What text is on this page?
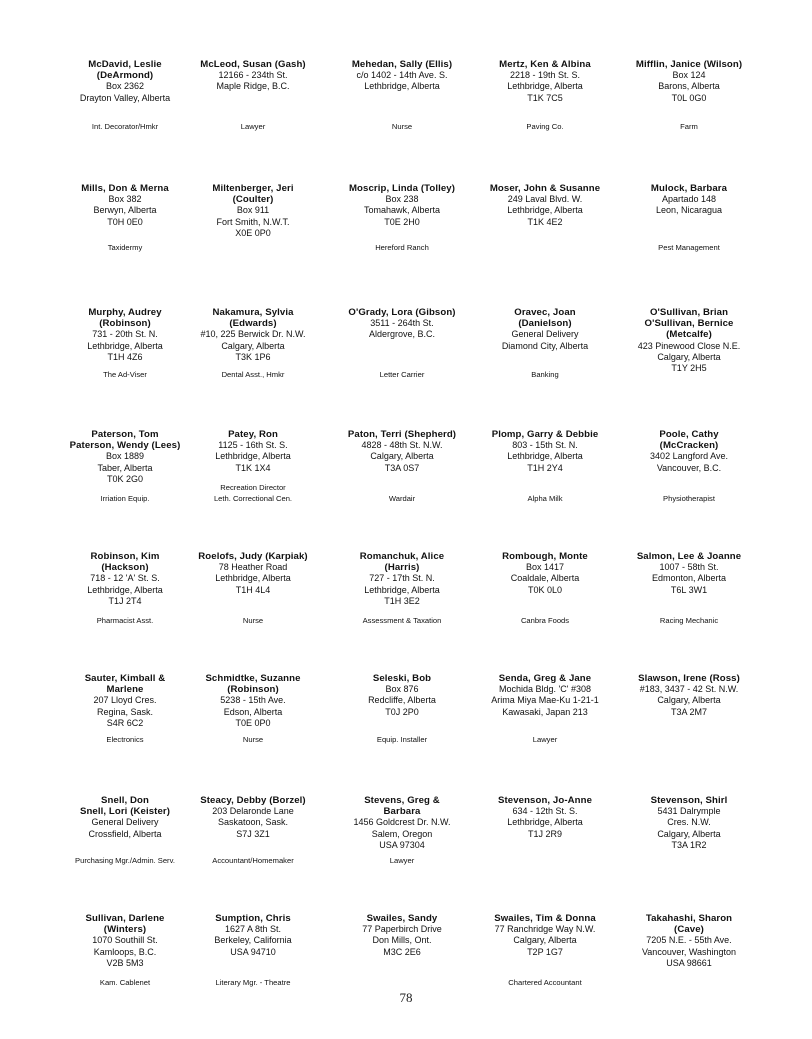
McDavid, Leslie
(DeArmond)
Box 2362
Drayton Valley, Alberta
Int. Decorator/Hmkr
McLeod, Susan (Gash)
12166 - 234th St.
Maple Ridge, B.C.
Lawyer
Mehedan, Sally (Ellis)
c/o 1402 - 14th Ave. S.
Lethbridge, Alberta
Nurse
Mertz, Ken & Albina
2218 - 19th St. S.
Lethbridge, Alberta
T1K 7C5
Paving Co.
Mifflin, Janice (Wilson)
Box 124
Barons, Alberta
T0L 0G0
Farm
Mills, Don & Merna
Box 382
Berwyn, Alberta
T0H 0E0
Taxidermy
Miltenberger, Jeri
(Coulter)
Box 911
Fort Smith, N.W.T.
X0E 0P0
Moscrip, Linda (Tolley)
Box 238
Tomahawk, Alberta
T0E 2H0
Hereford Ranch
Moser, John & Susanne
249 Laval Blvd. W.
Lethbridge, Alberta
T1K 4E2
Mulock, Barbara
Apartado 148
Leon, Nicaragua
Pest Management
Murphy, Audrey
(Robinson)
731 - 20th St. N.
Lethbridge, Alberta
T1H 4Z6
The Ad-Viser
Nakamura, Sylvia
(Edwards)
#10, 225 Berwick Dr. N.W.
Calgary, Alberta
T3K 1P6
Dental Asst., Hmkr
O'Grady, Lora (Gibson)
3511 - 264th St.
Aldergrove, B.C.
Letter Carrier
Oravec, Joan
(Danielson)
General Delivery
Diamond City, Alberta
Banking
O'Sullivan, Brian
O'Sullivan, Bernice
(Metcalfe)
423 Pinewood Close N.E.
Calgary, Alberta
T1Y 2H5
Paterson, Tom
Paterson, Wendy (Lees)
Box 1889
Taber, Alberta
T0K 2G0
Irriation Equip.
Patey, Ron
1125 - 16th St. S.
Lethbridge, Alberta
T1K 1X4
Recreation Director
Leth. Correctional Cen.
Paton, Terri (Shepherd)
4828 - 48th St. N.W.
Calgary, Alberta
T3A 0S7
Wardair
Plomp, Garry & Debbie
803 - 15th St. N.
Lethbridge, Alberta
T1H 2Y4
Alpha Milk
Poole, Cathy
(McCracken)
3402 Langford Ave.
Vancouver, B.C.
Physiotherapist
Robinson, Kim
(Hackson)
718 - 12 'A' St. S.
Lethbridge, Alberta
T1J 2T4
Pharmacist Asst.
Roelofs, Judy (Karpiak)
78 Heather Road
Lethbridge, Alberta
T1H 4L4
Nurse
Romanchuk, Alice
(Harris)
727 - 17th St. N.
Lethbridge, Alberta
T1H 3E2
Assessment & Taxation
Rombough, Monte
Box 1417
Coaldale, Alberta
T0K 0L0
Canbra Foods
Salmon, Lee & Joanne
1007 - 58th St.
Edmonton, Alberta
T6L 3W1
Racing Mechanic
Sauter, Kimball &
Marlene
207 Lloyd Cres.
Regina, Sask.
S4R 6C2
Electronics
Schmidtke, Suzanne
(Robinson)
5238 - 15th Ave.
Edson, Alberta
T0E 0P0
Nurse
Seleski, Bob
Box 876
Redcliffe, Alberta
T0J 2P0
Equip. Installer
Senda, Greg & Jane
Mochida Bldg. 'C' #308
Arima Miya Mae-Ku 1-21-1
Kawasaki, Japan 213
Lawyer
Slawson, Irene (Ross)
#183, 3437 - 42 St. N.W.
Calgary, Alberta
T3A 2M7
Snell, Don
Snell, Lori (Keister)
General Delivery
Crossfield, Alberta
Purchasing Mgr./Admin. Serv.
Steacy, Debby (Borzel)
203 Delaronde Lane
Saskatoon, Sask.
S7J 3Z1
Accountant/Homemaker
Stevens, Greg &
Barbara
1456 Goldcrest Dr. N.W.
Salem, Oregon
USA 97304
Lawyer
Stevenson, Jo-Anne
634 - 12th St. S.
Lethbridge, Alberta
T1J 2R9
Stevenson, Shirl
5431 Dalrymple
Cres. N.W.
Calgary, Alberta
T3A 1R2
Sullivan, Darlene
(Winters)
1070 Southill St.
Kamloops, B.C.
V2B 5M3
Kam. Cablenet
Sumption, Chris
1627 A 8th St.
Berkeley, California
USA 94710
Literary Mgr. - Theatre
Swailes, Sandy
77 Paperbirch Drive
Don Mills, Ont.
M3C 2E6
Swailes, Tim & Donna
77 Ranchridge Way N.W.
Calgary, Alberta
T2P 1G7
Chartered Accountant
Takahashi, Sharon
(Cave)
7205 N.E. - 55th Ave.
Vancouver, Washington
USA 98661
78
